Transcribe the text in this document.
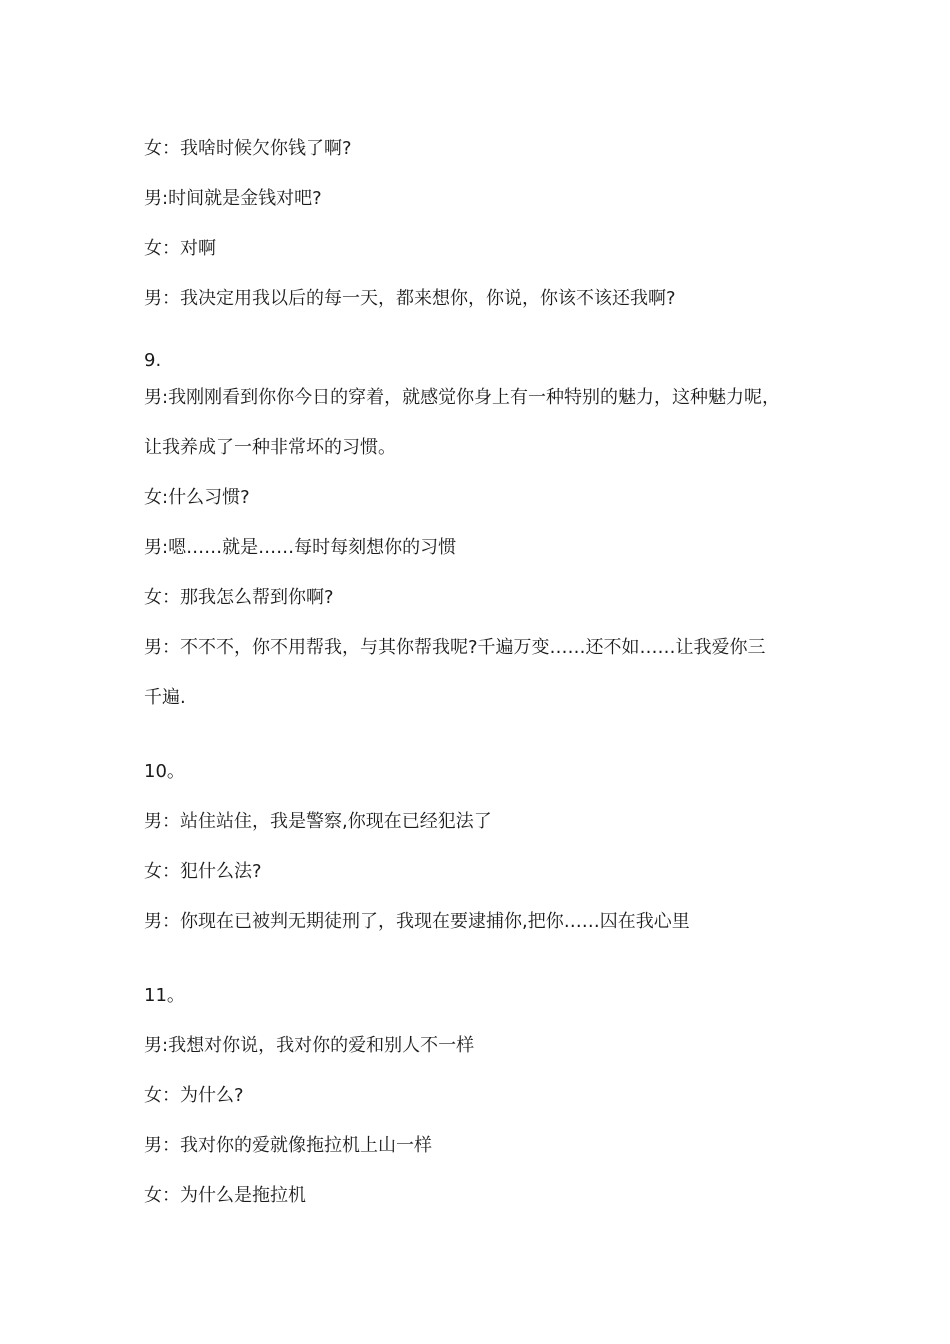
女：我啥时候欠你钱了啊?
男:时间就是金钱对吧?
女：对啊
男：我决定用我以后的每一天，都来想你，你说，你该不该还我啊?
9.
男:我刚刚看到你你今日的穿着，就感觉你身上有一种特别的魅力，这种魅力呢，
让我养成了一种非常坏的习惯。
女:什么习惯?
男:嗯……就是……每时每刻想你的习惯
女：那我怎么帮到你啊?
男：不不不，你不用帮我，与其你帮我呢?千遍万变……还不如……让我爱你三
千遍.
10。
男：站住站住，我是警察,你现在已经犯法了
女：犯什么法?
男：你现在已被判无期徒刑了，我现在要逮捕你,把你……囚在我心里
11。
男:我想对你说，我对你的爱和别人不一样
女：为什么?
男：我对你的爱就像拖拉机上山一样
女：为什么是拖拉机
